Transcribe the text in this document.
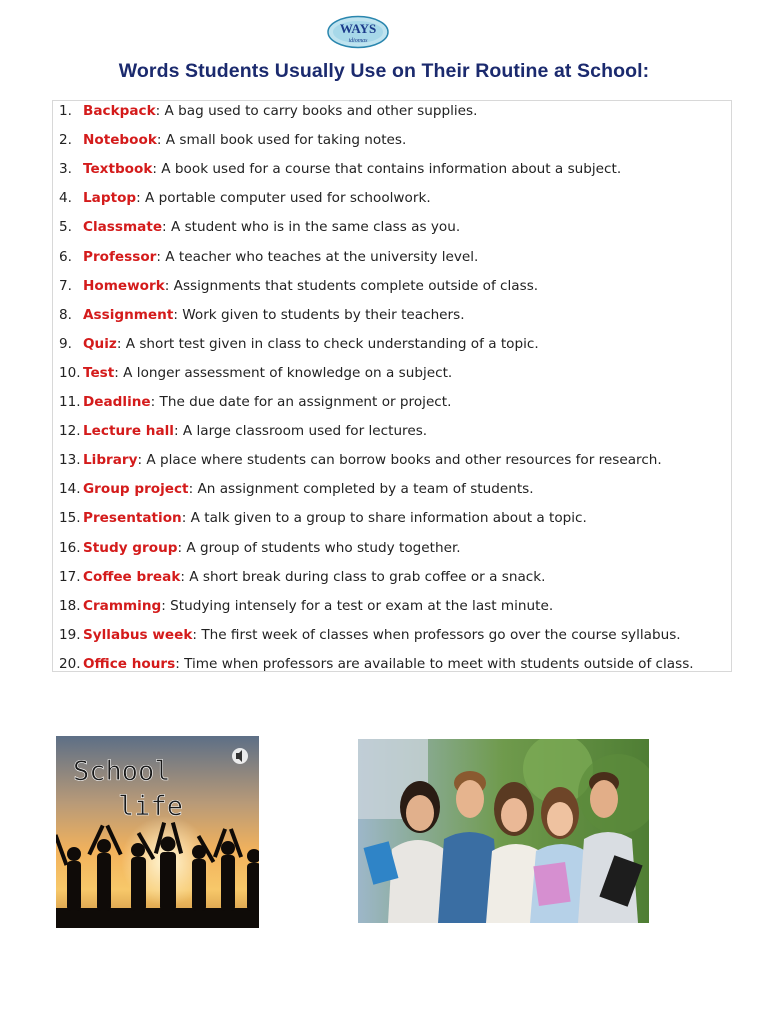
WAYS
idiomas
Words Students Usually Use on Their Routine at School:
1. Backpack: A bag used to carry books and other supplies.
2. Notebook: A small book used for taking notes.
3. Textbook: A book used for a course that contains information about a subject.
4. Laptop: A portable computer used for schoolwork.
5. Classmate: A student who is in the same class as you.
6. Professor: A teacher who teaches at the university level.
7. Homework: Assignments that students complete outside of class.
8. Assignment: Work given to students by their teachers.
9. Quiz: A short test given in class to check understanding of a topic.
10. Test: A longer assessment of knowledge on a subject.
11. Deadline: The due date for an assignment or project.
12. Lecture hall: A large classroom used for lectures.
13. Library: A place where students can borrow books and other resources for research.
14. Group project: An assignment completed by a team of students.
15. Presentation: A talk given to a group to share information about a topic.
16. Study group: A group of students who study together.
17. Coffee break: A short break during class to grab coffee or a snack.
18. Cramming: Studying intensely for a test or exam at the last minute.
19. Syllabus week: The first week of classes when professors go over the course syllabus.
20. Office hours: Time when professors are available to meet with students outside of class.
School
life
